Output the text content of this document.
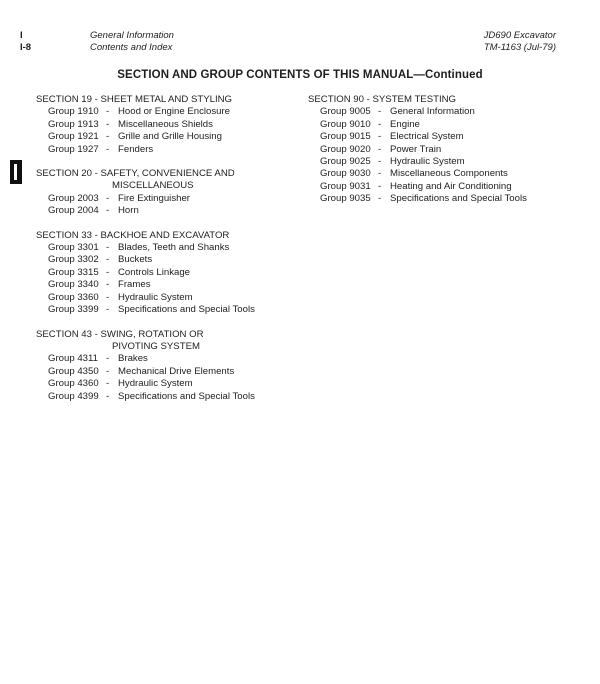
I
I-8
General Information
Contents and Index
JD690 Excavator
TM-1163 (Jul-79)
SECTION AND GROUP CONTENTS OF THIS MANUAL—Continued
SECTION 19 - SHEET METAL AND STYLING
Group 1910 - Hood or Engine Enclosure
Group 1913 - Miscellaneous Shields
Group 1921 - Grille and Grille Housing
Group 1927 - Fenders
SECTION 20 - SAFETY, CONVENIENCE AND
MISCELLANEOUS
Group 2003 - Fire Extinguisher
Group 2004 - Horn
SECTION 33 - BACKHOE AND EXCAVATOR
Group 3301 - Blades, Teeth and Shanks
Group 3302 - Buckets
Group 3315 - Controls Linkage
Group 3340 - Frames
Group 3360 - Hydraulic System
Group 3399 - Specifications and Special Tools
SECTION 43 - SWING, ROTATION OR
PIVOTING SYSTEM
Group 4311 - Brakes
Group 4350 - Mechanical Drive Elements
Group 4360 - Hydraulic System
Group 4399 - Specifications and Special Tools
SECTION 90 - SYSTEM TESTING
Group 9005 - General Information
Group 9010 - Engine
Group 9015 - Electrical System
Group 9020 - Power Train
Group 9025 - Hydraulic System
Group 9030 - Miscellaneous Components
Group 9031 - Heating and Air Conditioning
Group 9035 - Specifications and Special Tools
